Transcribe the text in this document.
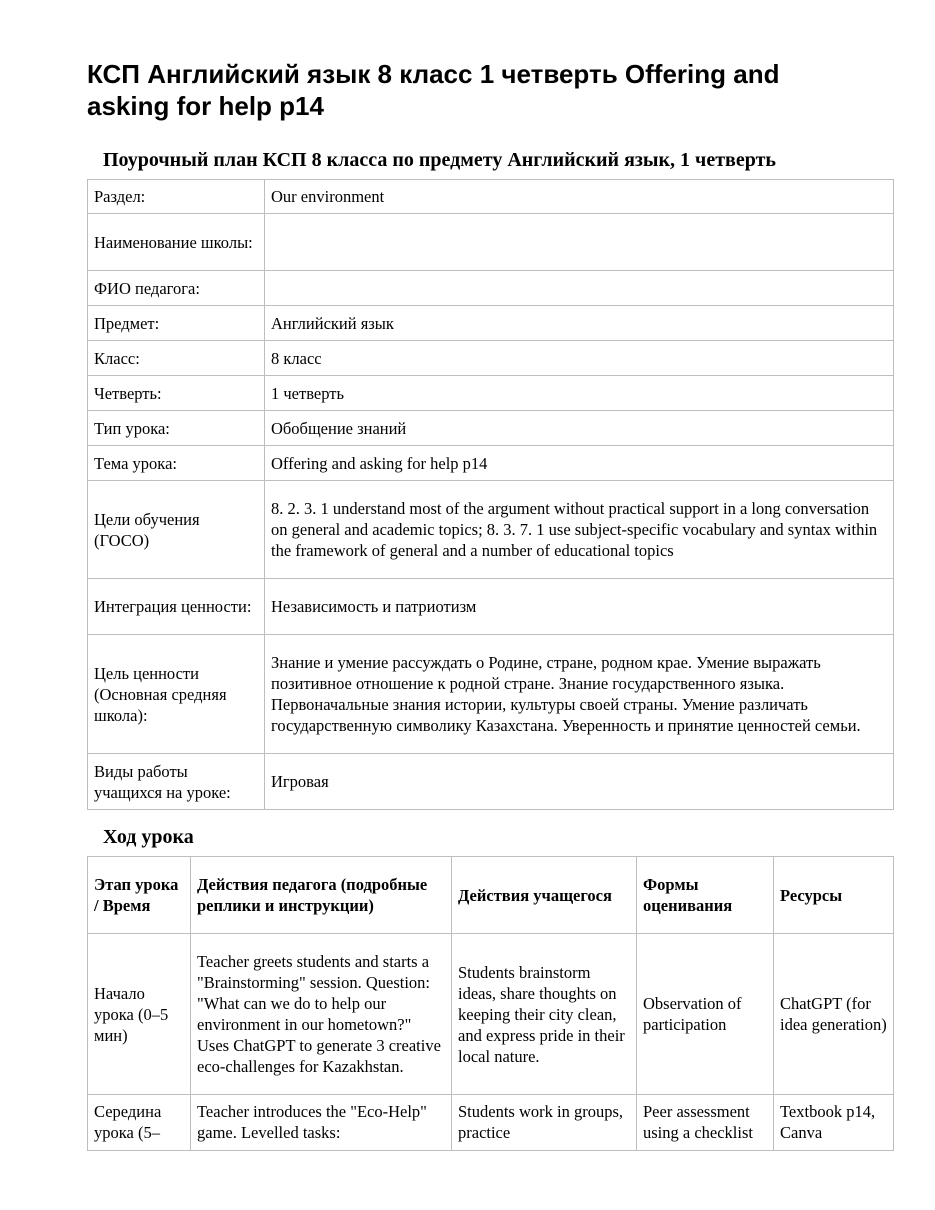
КСП Английский язык 8 класс 1 четверть Offering and asking for help p14
Поурочный план КСП 8 класса по предмету Английский язык, 1 четверть
Раздел:	Our environment
Наименование школы:	
ФИО педагога:	
Предмет:	Английский язык
Класс:	8 класс
Четверть:	1 четверть
Тип урока:	Обобщение знаний
Тема урока:	Offering and asking for help p14
Цели обучения (ГОСО)	8. 2. 3. 1 understand most of the argument without practical support in a long conversation on general and academic topics; 8. 3. 7. 1 use subject-specific vocabulary and syntax within the framework of general and a number of educational topics
Интеграция ценности:	Независимость и патриотизм
Цель ценности (Основная средняя школа):	Знание и умение рассуждать о Родине, стране, родном крае. Умение выражать позитивное отношение к родной стране. Знание государственного языка. Первоначальные знания истории, культуры своей страны. Умение различать государственную символику Казахстана. Уверенность и принятие ценностей семьи.
Виды работы учащихся на уроке:	Игровая
Ход урока
Этап урока / Время	Действия педагога (подробные реплики и инструкции)	Действия учащегося	Формы оценивания	Ресурсы
Начало урока (0–5 мин)	Teacher greets students and starts a "Brainstorming" session. Question: "What can we do to help our environment in our hometown?" Uses ChatGPT to generate 3 creative eco-challenges for Kazakhstan.	Students brainstorm ideas, share thoughts on keeping their city clean, and express pride in their local nature.	Observation of participation	ChatGPT (for idea generation)
Середина урока (5–	Teacher introduces the "Eco-Help" game. Levelled tasks:	Students work in groups, practice	Peer assessment using a checklist	Textbook p14, Canva
